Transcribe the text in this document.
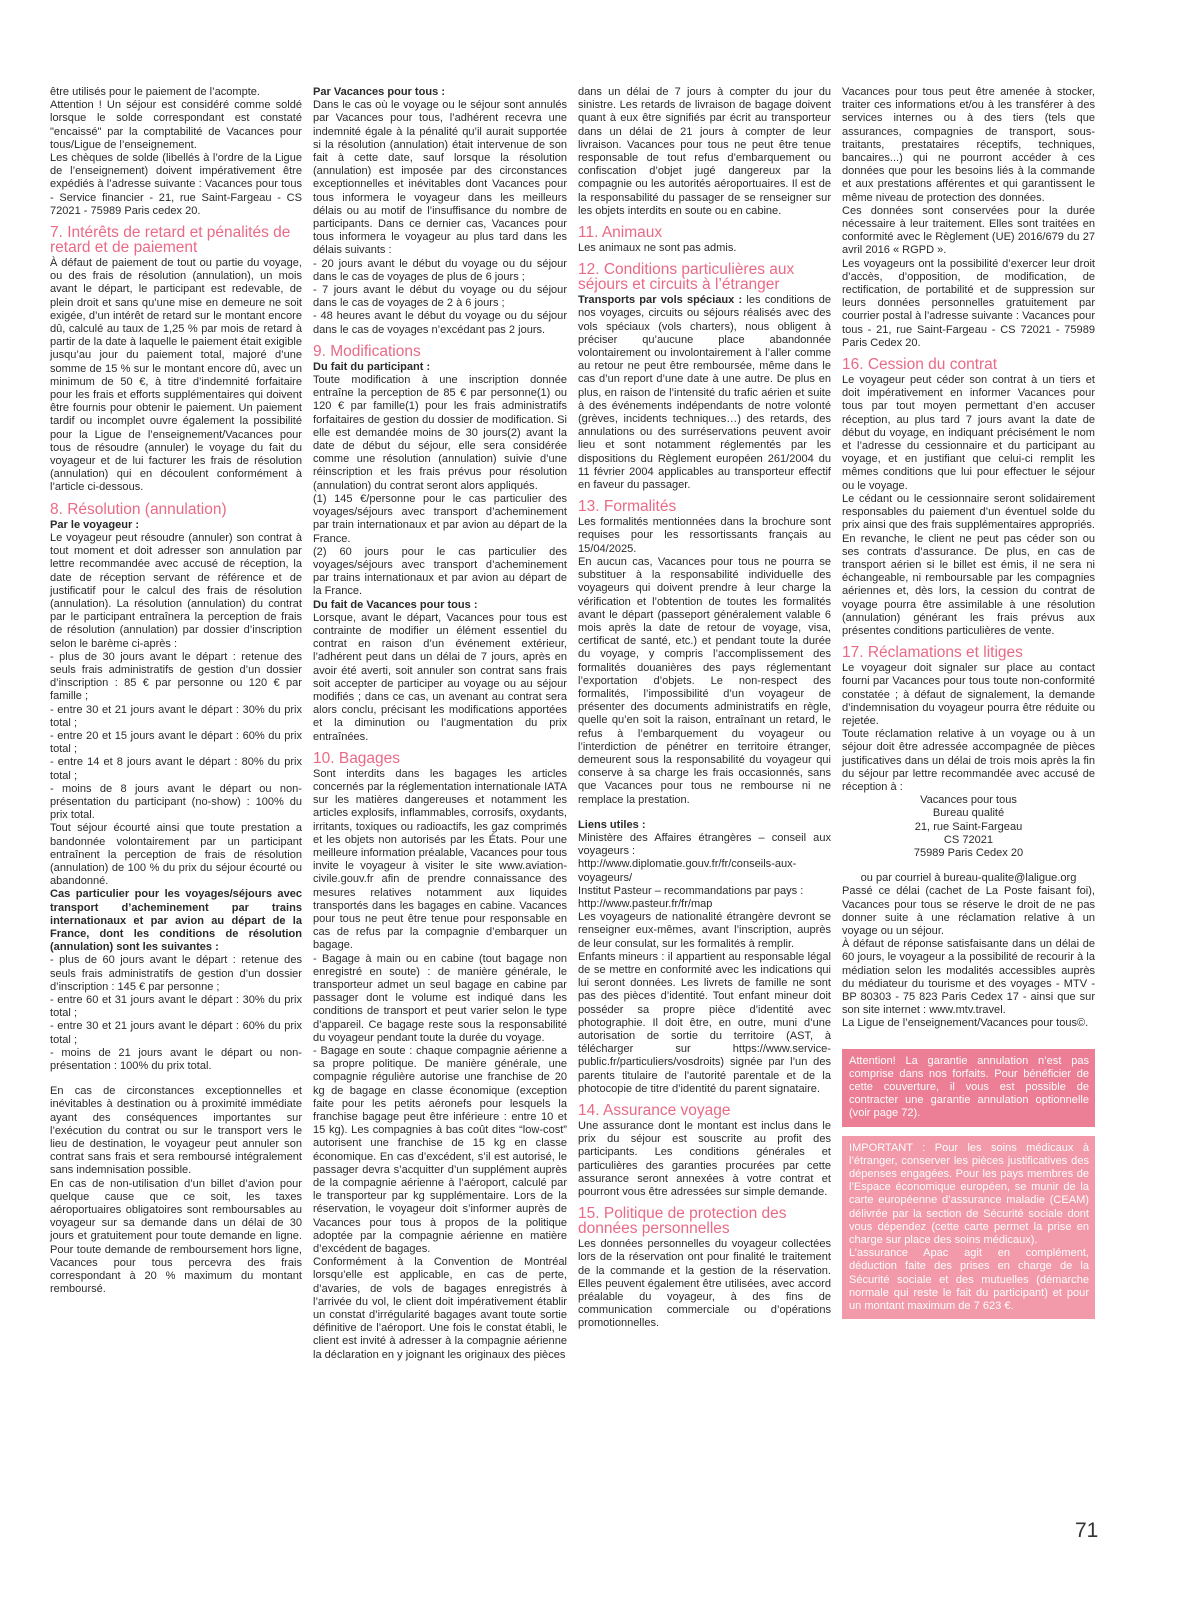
être utilisés pour le paiement de l’acompte.

Attention ! Un séjour est considéré comme soldé lorsque le solde correspondant est constaté "encaissé" par la comptabilité de Vacances pour tous/Ligue de l’enseignement.

Les chèques de solde (libellés à l’ordre de la Ligue de l’enseignement) doivent impérativement être expédiés à l’adresse suivante : Vacances pour tous - Service financier - 21, rue Saint-Fargeau - CS 72021 - 75989 Paris cedex 20.

7. Intérêts de retard et pénalités de retard et de paiement

À défaut de paiement de tout ou partie du voyage, ou des frais de résolution (annulation), un mois avant le départ, le participant est redevable, de plein droit et sans qu’une mise en demeure ne soit exigée, d’un intérêt de retard sur le montant encore dû, calculé au taux de 1,25 % par mois de retard à partir de la date à laquelle le paiement était exigible jusqu’au jour du paiement total, majoré d’une somme de 15 % sur le montant encore dû, avec un minimum de 50 €, à titre d’indemnité forfaitaire pour les frais et efforts supplémentaires qui doivent être fournis pour obtenir le paiement. Un paiement tardif ou incomplet ouvre également la possibilité pour la Ligue de l’enseignement/Vacances pour tous de résoudre (annuler) le voyage du fait du voyageur et de lui facturer les frais de résolution (annulation) qui en découlent conformément à l’article ci-dessous.

8. Résolution (annulation)

Par le voyageur :

Le voyageur peut résoudre (annuler) son contrat à tout moment et doit adresser son annulation par lettre recommandée avec accusé de réception, la date de réception servant de référence et de justificatif pour le calcul des frais de résolution (annulation). La résolution (annulation) du contrat par le participant entraînera la perception de frais de résolution (annulation) par dossier d’inscription selon le barème ci-après :

- plus de 30 jours avant le départ : retenue des seuls frais administratifs de gestion d’un dossier d’inscription : 85 € par personne ou 120 € par famille ;

- entre 30 et 21 jours avant le départ : 30% du prix total ;

- entre 20 et 15 jours avant le départ : 60% du prix total ;

- entre 14 et 8 jours avant le départ : 80% du prix total ;

- moins de 8 jours avant le départ ou non-présentation du participant (no-show) : 100% du prix total.

Tout séjour écourté ainsi que toute prestation a bandonnée volontairement par un participant entraînent la perception de frais de résolution (annulation) de 100 % du prix du séjour écourté ou abandonné.

Cas particulier pour les voyages/séjours avec transport d’acheminement par trains internationaux et par avion au départ de la France, dont les conditions de résolution (annulation) sont les suivantes :

- plus de 60 jours avant le départ : retenue des seuls frais administratifs de gestion d’un dossier d’inscription : 145 € par personne ;

- entre 60 et 31 jours avant le départ : 30% du prix total ;

- entre 30 et 21 jours avant le départ : 60% du prix total ;

- moins de 21 jours avant le départ ou non-présentation : 100% du prix total.

En cas de circonstances exceptionnelles et inévitables à destination ou à proximité immédiate ayant des conséquences importantes sur l’exécution du contrat ou sur le transport vers le lieu de destination, le voyageur peut annuler son contrat sans frais et sera remboursé intégralement sans indemnisation possible.

En cas de non-utilisation d’un billet d’avion pour quelque cause que ce soit, les taxes aéroportuaires obligatoires sont remboursables au voyageur sur sa demande dans un délai de 30 jours et gratuitement pour toute demande en ligne. Pour toute demande de remboursement hors ligne, Vacances pour tous percevra des frais correspondant à 20 % maximum du montant remboursé.

Par Vacances pour tous :

Dans le cas où le voyage ou le séjour sont annulés par Vacances pour tous, l’adhérent recevra une indemnité égale à la pénalité qu’il aurait supportée si la résolution (annulation) était intervenue de son fait à cette date, sauf lorsque la résolution (annulation) est imposée par des circonstances exceptionnelles et inévitables dont Vacances pour tous informera le voyageur dans les meilleurs délais ou au motif de l’insuffisance du nombre de participants. Dans ce dernier cas, Vacances pour tous informera le voyageur au plus tard dans les délais suivants :

- 20 jours avant le début du voyage ou du séjour dans le cas de voyages de plus de 6 jours ;

- 7 jours avant le début du voyage ou du séjour dans le cas de voyages de 2 à 6 jours ;

- 48 heures avant le début du voyage ou du séjour dans le cas de voyages n’excédant pas 2 jours.

9. Modifications

Du fait du participant :

Toute modification à une inscription donnée entraîne la perception de 85 € par personne(1) ou 120 € par famille(1) pour les frais administratifs forfaitaires de gestion du dossier de modification. Si elle est demandée moins de 30 jours(2) avant la date de début du séjour, elle sera considérée comme une résolution (annulation) suivie d’une réinscription et les frais prévus pour résolution (annulation) du contrat seront alors appliqués.

(1) 145 €/personne pour le cas particulier des voyages/séjours avec transport d’acheminement par train internationaux et par avion au départ de la France.

(2) 60 jours pour le cas particulier des voyages/séjours avec transport d’acheminement par trains internationaux et par avion au départ de la France.

Du fait de Vacances pour tous :

Lorsque, avant le départ, Vacances pour tous est contrainte de modifier un élément essentiel du contrat en raison d’un événement extérieur, l’adhérent peut dans un délai de 7 jours, après en avoir été averti, soit annuler son contrat sans frais soit accepter de participer au voyage ou au séjour modifiés ; dans ce cas, un avenant au contrat sera alors conclu, précisant les modifications apportées et la diminution ou l’augmentation du prix entraînées.

10. Bagages

Sont interdits dans les bagages les articles concernés par la réglementation internationale IATA sur les matières dangereuses et notamment les articles explosifs, inflammables, corrosifs, oxydants, irritants, toxiques ou radioactifs, les gaz comprimés et les objets non autorisés par les États. Pour une meilleure information préalable, Vacances pour tous invite le voyageur à visiter le site www.aviation-civile.gouv.fr afin de prendre connaissance des mesures relatives notamment aux liquides transportés dans les bagages en cabine. Vacances pour tous ne peut être tenue pour responsable en cas de refus par la compagnie d’embarquer un bagage.

- Bagage à main ou en cabine (tout bagage non enregistré en soute) : de manière générale, le transporteur admet un seul bagage en cabine par passager dont le volume est indiqué dans les conditions de transport et peut varier selon le type d’appareil. Ce bagage reste sous la responsabilité du voyageur pendant toute la durée du voyage.

- Bagage en soute : chaque compagnie aérienne a sa propre politique. De manière générale, une compagnie régulière autorise une franchise de 20 kg de bagage en classe économique (exception faite pour les petits aéronefs pour lesquels la franchise bagage peut être inférieure : entre 10 et 15 kg). Les compagnies à bas coût dites “low-cost” autorisent une franchise de 15 kg en classe économique. En cas d’excédent, s’il est autorisé, le passager devra s’acquitter d’un supplément auprès de la compagnie aérienne à l’aéroport, calculé par le transporteur par kg supplémentaire. Lors de la réservation, le voyageur doit s’informer auprès de Vacances pour tous à propos de la politique adoptée par la compagnie aérienne en matière d’excédent de bagages.

Conformément à la Convention de Montréal lorsqu’elle est applicable, en cas de perte, d’avaries, de vols de bagages enregistrés à l’arrivée du vol, le client doit impérativement établir un constat d’irrégularité bagages avant toute sortie définitive de l’aéroport. Une fois le constat établi, le client est invité à adresser à la compagnie aérienne la déclaration en y joignant les originaux des pièces

dans un délai de 7 jours à compter du jour du sinistre. Les retards de livraison de bagage doivent quant à eux être signifiés par écrit au transporteur dans un délai de 21 jours à compter de leur livraison. Vacances pour tous ne peut être tenue responsable de tout refus d’embarquement ou confiscation d’objet jugé dangereux par la compagnie ou les autorités aéroportuaires. Il est de la responsabilité du passager de se renseigner sur les objets interdits en soute ou en cabine.

11. Animaux

Les animaux ne sont pas admis.

12. Conditions particulières aux séjours et circuits à l’étranger

Transports par vols spéciaux : les conditions de nos voyages, circuits ou séjours réalisés avec des vols spéciaux (vols charters), nous obligent à préciser qu’aucune place abandonnée volontairement ou involontairement à l’aller comme au retour ne peut être remboursée, même dans le cas d’un report d’une date à une autre. De plus en plus, en raison de l’intensité du trafic aérien et suite à des événements indépendants de notre volonté (grèves, incidents techniques…) des retards, des annulations ou des surréservations peuvent avoir lieu et sont notamment réglementés par les dispositions du Règlement européen 261/2004 du 11 février 2004 applicables au transporteur effectif en faveur du passager.

13. Formalités

Les formalités mentionnées dans la brochure sont requises pour les ressortissants français au 15/04/2025.

En aucun cas, Vacances pour tous ne pourra se substituer à la responsabilité individuelle des voyageurs qui doivent prendre à leur charge la vérification et l’obtention de toutes les formalités avant le départ (passeport généralement valable 6 mois après la date de retour de voyage, visa, certificat de santé, etc.) et pendant toute la durée du voyage, y compris l’accomplissement des formalités douanières des pays réglementant l’exportation d’objets. Le non-respect des formalités, l’impossibilité d’un voyageur de présenter des documents administratifs en règle, quelle qu’en soit la raison, entraînant un retard, le refus à l’embarquement du voyageur ou l’interdiction de pénétrer en territoire étranger, demeurent sous la responsabilité du voyageur qui conserve à sa charge les frais occasionnés, sans que Vacances pour tous ne rembourse ni ne remplace la prestation.

Liens utiles :

Ministère des Affaires étrangères – conseil aux voyageurs :

http://www.diplomatie.gouv.fr/fr/conseils-aux-voyageurs/

Institut Pasteur – recommandations par pays :

http://www.pasteur.fr/fr/map

Les voyageurs de nationalité étrangère devront se renseigner eux-mêmes, avant l’inscription, auprès de leur consulat, sur les formalités à remplir.

Enfants mineurs : il appartient au responsable légal de se mettre en conformité avec les indications qui lui seront données. Les livrets de famille ne sont pas des pièces d’identité. Tout enfant mineur doit posséder sa propre pièce d’identité avec photographie. Il doit être, en outre, muni d’une autorisation de sortie du territoire (AST, à télécharger sur https://www.service-public.fr/particuliers/vosdroits) signée par l’un des parents titulaire de l’autorité parentale et de la photocopie de titre d’identité du parent signataire.

14. Assurance voyage

Une assurance dont le montant est inclus dans le prix du séjour est souscrite au profit des participants. Les conditions générales et particulières des garanties procurées par cette assurance seront annexées à votre contrat et pourront vous être adressées sur simple demande.

15. Politique de protection des données personnelles

Les données personnelles du voyageur collectées lors de la réservation ont pour finalité le traitement de la commande et la gestion de la réservation. Elles peuvent également être utilisées, avec accord préalable du voyageur, à des fins de communication commerciale ou d’opérations promotionnelles.

Vacances pour tous peut être amenée à stocker, traiter ces informations et/ou à les transférer à des services internes ou à des tiers (tels que assurances, compagnies de transport, sous-traitants, prestataires réceptifs, techniques, bancaires...) qui ne pourront accéder à ces données que pour les besoins liés à la commande et aux prestations afférentes et qui garantissent le même niveau de protection des données.

Ces données sont conservées pour la durée nécessaire à leur traitement. Elles sont traitées en conformité avec le Règlement (UE) 2016/679 du 27 avril 2016 « RGPD ».

Les voyageurs ont la possibilité d’exercer leur droit d’accès, d’opposition, de modification, de rectification, de portabilité et de suppression sur leurs données personnelles gratuitement par courrier postal à l’adresse suivante : Vacances pour tous - 21, rue Saint-Fargeau - CS 72021 - 75989 Paris Cedex 20.

16. Cession du contrat

Le voyageur peut céder son contrat à un tiers et doit impérativement en informer Vacances pour tous par tout moyen permettant d’en accuser réception, au plus tard 7 jours avant la date de début du voyage, en indiquant précisément le nom et l’adresse du cessionnaire et du participant au voyage, et en justifiant que celui-ci remplit les mêmes conditions que lui pour effectuer le séjour ou le voyage.

Le cédant ou le cessionnaire seront solidairement responsables du paiement d’un éventuel solde du prix ainsi que des frais supplémentaires appropriés. En revanche, le client ne peut pas céder son ou ses contrats d’assurance. De plus, en cas de transport aérien si le billet est émis, il ne sera ni échangeable, ni remboursable par les compagnies aériennes et, dès lors, la cession du contrat de voyage pourra être assimilable à une résolution (annulation) générant les frais prévus aux présentes conditions particulières de vente.

17. Réclamations et litiges

Le voyageur doit signaler sur place au contact fourni par Vacances pour tous toute non-conformité constatée ; à défaut de signalement, la demande d’indemnisation du voyageur pourra être réduite ou rejetée.

Toute réclamation relative à un voyage ou à un séjour doit être adressée accompagnée de pièces justificatives dans un délai de trois mois après la fin du séjour par lettre recommandée avec accusé de réception à :

Vacances pour tous

Bureau qualité

21, rue Saint-Fargeau

CS 72021

75989 Paris Cedex 20

ou par courriel à bureau-qualite@laligue.org

Passé ce délai (cachet de La Poste faisant foi), Vacances pour tous se réserve le droit de ne pas donner suite à une réclamation relative à un voyage ou un séjour.

À défaut de réponse satisfaisante dans un délai de 60 jours, le voyageur a la possibilité de recourir à la médiation selon les modalités accessibles auprès du médiateur du tourisme et des voyages - MTV - BP 80303 - 75 823 Paris Cedex 17 - ainsi que sur son site internet : www.mtv.travel.

La Ligue de l’enseignement/Vacances pour tous©.

Attention! La garantie annulation n’est pas comprise dans nos forfaits. Pour bénéficier de cette couverture, il vous est possible de contracter une garantie annulation optionnelle (voir page 72).
IMPORTANT : Pour les soins médicaux à l’étranger, conserver les pièces justificatives des dépenses engagées. Pour les pays membres de l’Espace économique européen, se munir de la carte européenne d’assurance maladie (CEAM) délivrée par la section de Sécurité sociale dont vous dépendez (cette carte permet la prise en charge sur place des soins médicaux).
L’assurance Apac agit en complément, déduction faite des prises en charge de la Sécurité sociale et des mutuelles (démarche normale qui reste le fait du participant) et pour un montant maximum de 7 623 €.
71
